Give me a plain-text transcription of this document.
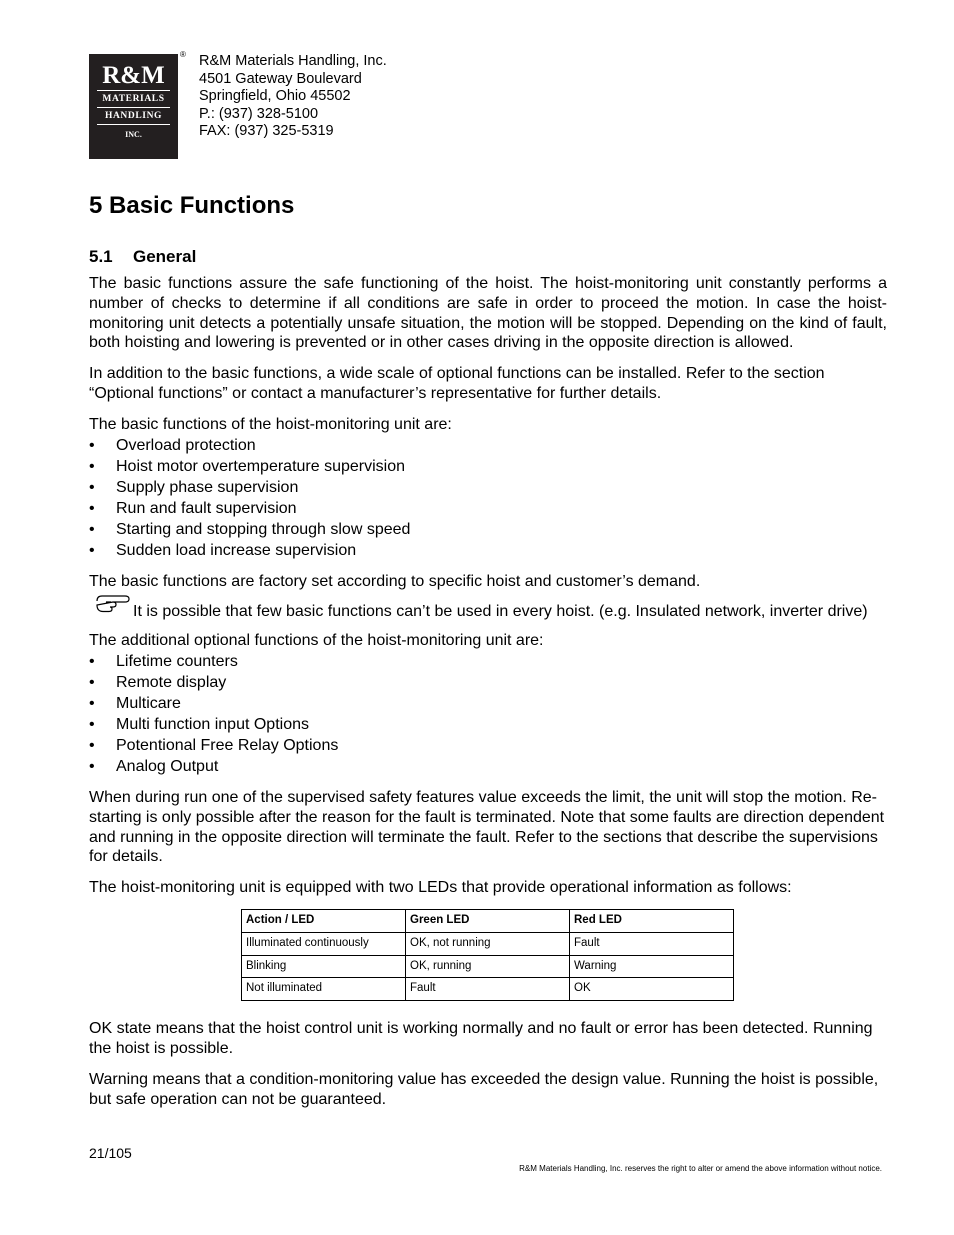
R&M
MATERIALS
HANDLING
INC.
® R&M Materials Handling, Inc.
4501 Gateway Boulevard
Springfield, Ohio 45502
P.: (937) 328-5100
FAX: (937) 325-5319
5 Basic Functions
5.1 General

The basic functions assure the safe functioning of the hoist. The hoist-monitoring unit constantly performs a number of checks to determine if all conditions are safe in order to proceed the motion. In case the hoist-monitoring unit detects a potentially unsafe situation, the motion will be stopped. Depending on the kind of fault, both hoisting and lowering is prevented or in other cases driving in the opposite direction is allowed.

In addition to the basic functions, a wide scale of optional functions can be installed. Refer to the section “Optional functions” or contact a manufacturer’s representative for further details.

The basic functions of the hoist-monitoring unit are:

• Overload protection
• Hoist motor overtemperature supervision
• Supply phase supervision
• Run and fault supervision
• Starting and stopping through slow speed
• Sudden load increase supervision

The basic functions are factory set according to specific hoist and customer’s demand.

It is possible that few basic functions can’t be used in every hoist. (e.g. Insulated network, inverter drive)

The additional optional functions of the hoist-monitoring unit are:

• Lifetime counters
• Remote display
• Multicare
• Multi function input Options
• Potentional Free Relay Options
• Analog Output

When during run one of the supervised safety features value exceeds the limit, the unit will stop the motion. Re-starting is only possible after the reason for the fault is terminated. Note that some faults are direction dependent and running in the opposite direction will terminate the fault. Refer to the sections that describe the supervisions for details.

The hoist-monitoring unit is equipped with two LEDs that provide operational information as follows:

Action / LED	Green LED	Red LED
Illuminated continuously	OK, not running	Fault
Blinking	OK, running	Warning
Not illuminated	Fault	OK

OK state means that the hoist control unit is working normally and no fault or error has been detected. Running the hoist is possible.

Warning means that a condition-monitoring value has exceeded the design value. Running the hoist is possible, but safe operation can not be guaranteed.

21/105
R&M Materials Handling, Inc. reserves the right to alter or amend the above information without notice.
